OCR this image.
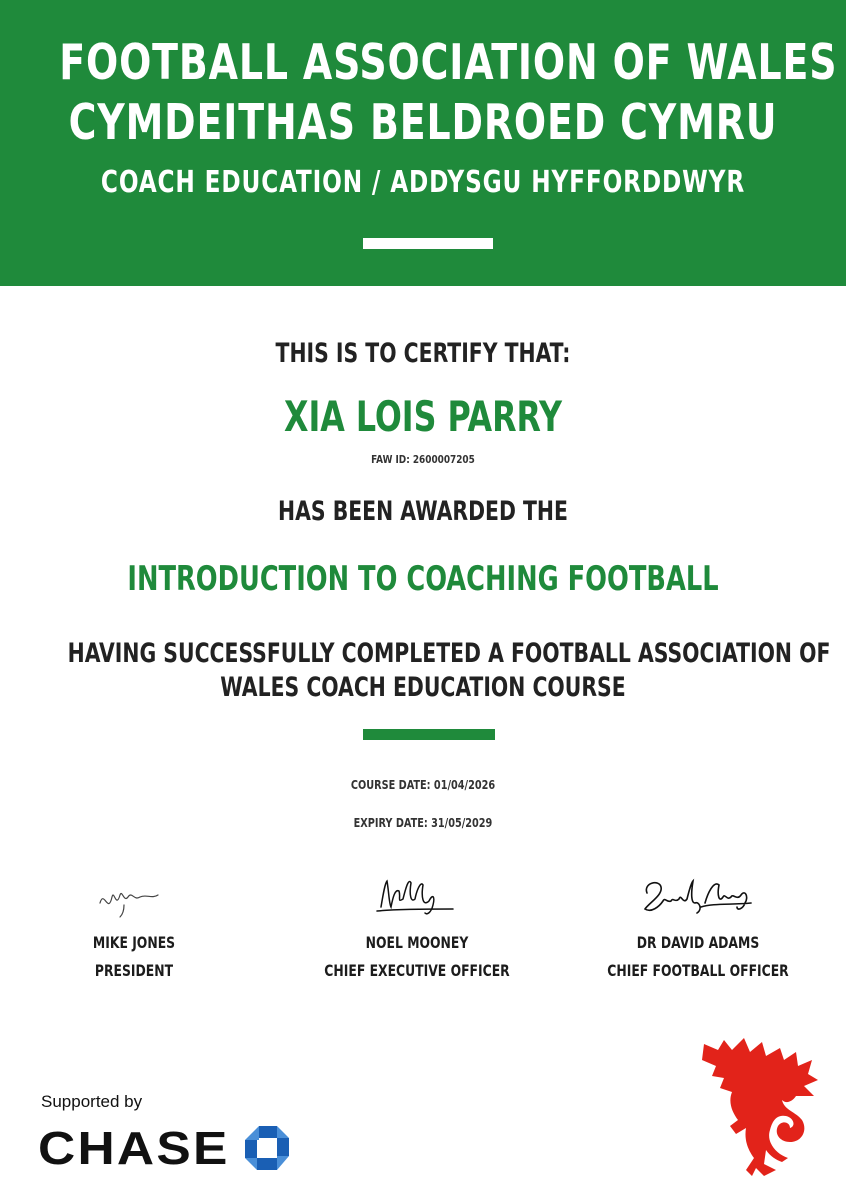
FOOTBALL ASSOCIATION OF WALES
CYMDEITHAS BELDROED CYMRU
COACH EDUCATION / ADDYSGU HYFFORDDWYR
THIS IS TO CERTIFY THAT:
XIA LOIS PARRY
FAW ID: 2600007205
HAS BEEN AWARDED THE
INTRODUCTION TO COACHING FOOTBALL
HAVING SUCCESSFULLY COMPLETED A FOOTBALL ASSOCIATION OF
WALES COACH EDUCATION COURSE
COURSE DATE: 01/04/2026
EXPIRY DATE: 31/05/2029
MIKE JONES
PRESIDENT
NOEL MOONEY
CHIEF EXECUTIVE OFFICER
DR DAVID ADAMS
CHIEF FOOTBALL OFFICER
Supported by
CHASE
